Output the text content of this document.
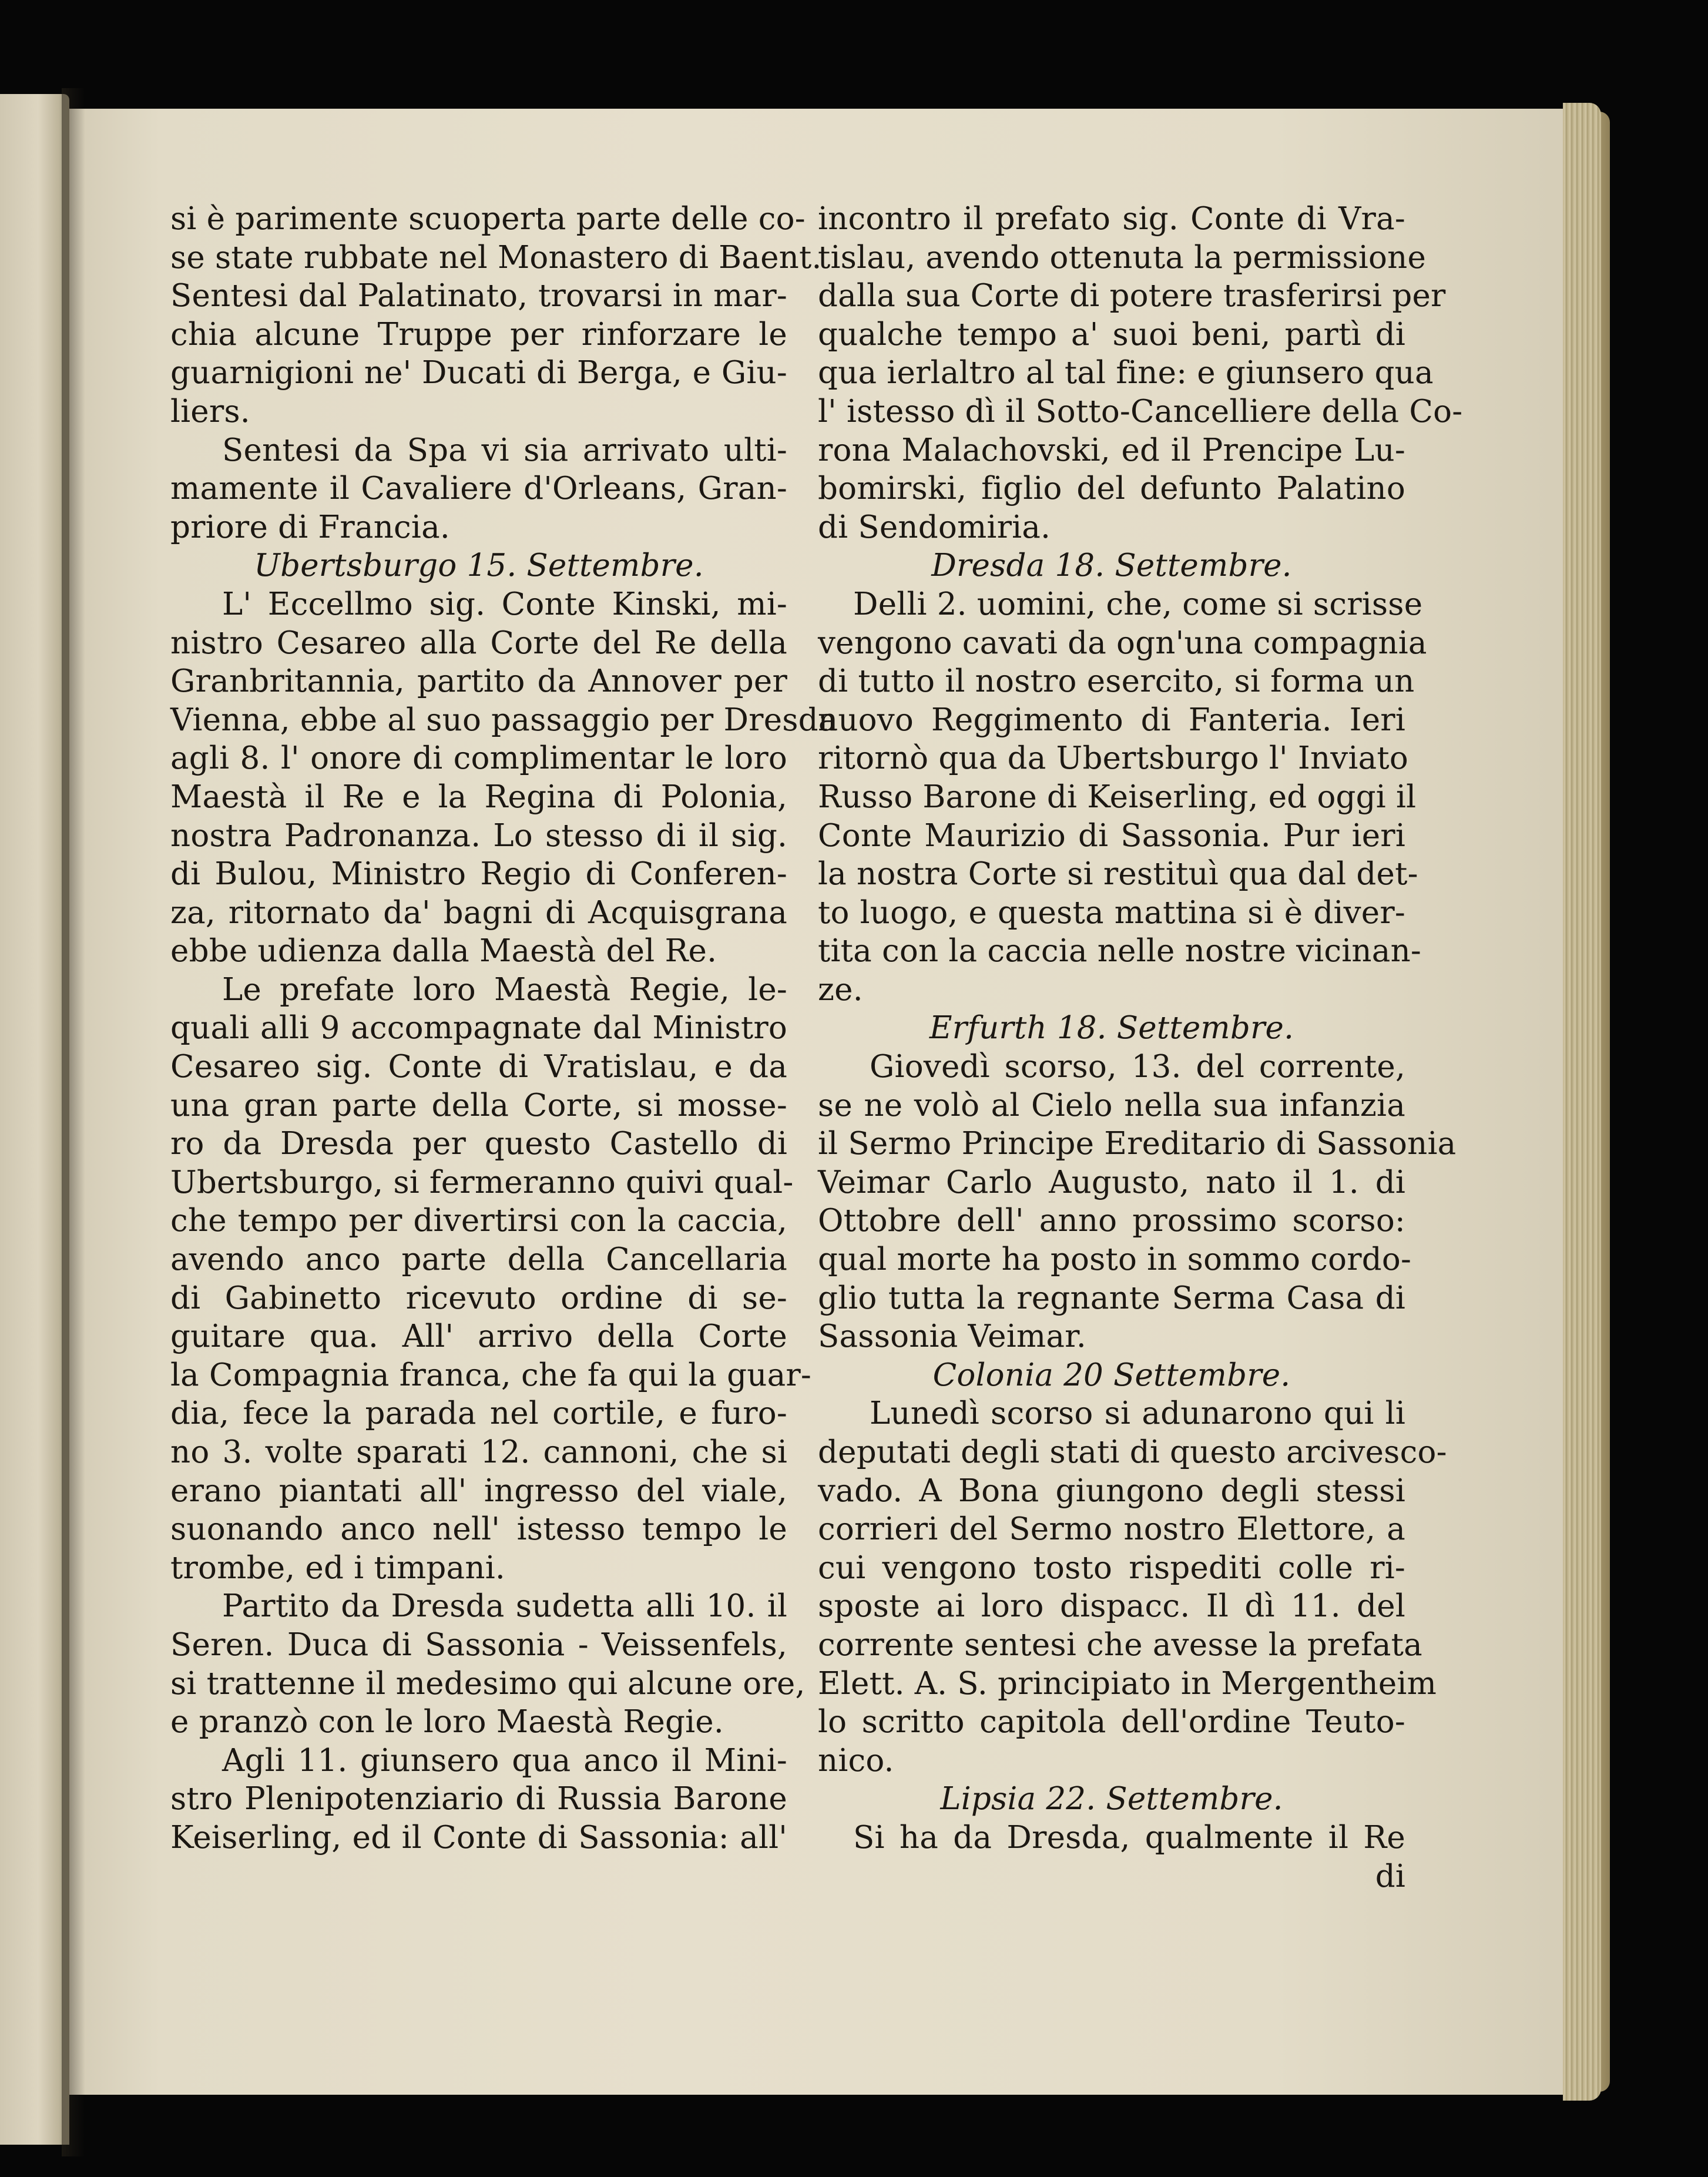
si è parimente scuoperta parte delle co-
se state rubbate nel Monastero di Baent.
Sentesi dal Palatinato, trovarsi in mar-
chia alcune Truppe per rinforzare le
guarnigioni ne' Ducati di Berga, e Giu-
liers.
Sentesi da Spa vi sia arrivato ulti-
mamente il Cavaliere d'Orleans, Gran-
priore di Francia.
Ubertsburgo 15. Settembre.
L' Eccellmo sig. Conte Kinski, mi-
nistro Cesareo alla Corte del Re della
Granbritannia, partito da Annover per
Vienna, ebbe al suo passaggio per Dresda
agli 8. l' onore di complimentar le loro
Maestà il Re e la Regina di Polonia,
nostra Padronanza. Lo stesso di il sig.
di Bulou, Ministro Regio di Conferen-
za, ritornato da' bagni di Acquisgrana
ebbe udienza dalla Maestà del Re.
Le prefate loro Maestà Regie, le-
quali alli 9 accompagnate dal Ministro
Cesareo sig. Conte di Vratislau, e da
una gran parte della Corte, si mosse-
ro da Dresda per questo Castello di
Ubertsburgo, si fermeranno quivi qual-
che tempo per divertirsi con la caccia,
avendo anco parte della Cancellaria
di Gabinetto ricevuto ordine di se-
guitare qua. All' arrivo della Corte
la Compagnia franca, che fa qui la guar-
dia, fece la parada nel cortile, e furo-
no 3. volte sparati 12. cannoni, che si
erano piantati all' ingresso del viale,
suonando anco nell' istesso tempo le
trombe, ed i timpani.
Partito da Dresda sudetta alli 10. il
Seren. Duca di Sassonia - Veissenfels,
si trattenne il medesimo qui alcune ore,
e pranzò con le loro Maestà Regie.
Agli 11. giunsero qua anco il Mini-
stro Plenipotenziario di Russia Barone
Keiserling, ed il Conte di Sassonia: all'
incontro il prefato sig. Conte di Vra-
tislau, avendo ottenuta la permissione
dalla sua Corte di potere trasferirsi per
qualche tempo a' suoi beni, partì di
qua ierlaltro al tal fine: e giunsero qua
l' istesso dì il Sotto-Cancelliere della Co-
rona Malachovski, ed il Prencipe Lu-
bomirski, figlio del defunto Palatino
di Sendomiria.
Dresda 18. Settembre.
Delli 2. uomini, che, come si scrisse
vengono cavati da ogn'una compagnia
di tutto il nostro esercito, si forma un
nuovo Reggimento di Fanteria. Ieri
ritornò qua da Ubertsburgo l' Inviato
Russo Barone di Keiserling, ed oggi il
Conte Maurizio di Sassonia. Pur ieri
la nostra Corte si restituì qua dal det-
to luogo, e questa mattina si è diver-
tita con la caccia nelle nostre vicinan-
ze.
Erfurth 18. Settembre.
Giovedì scorso, 13. del corrente,
se ne volò al Cielo nella sua infanzia
il Sermo Principe Ereditario di Sassonia
Veimar Carlo Augusto, nato il 1. di
Ottobre dell' anno prossimo scorso:
qual morte ha posto in sommo cordo-
glio tutta la regnante Serma Casa di
Sassonia Veimar.
Colonia 20 Settembre.
Lunedì scorso si adunarono qui li
deputati degli stati di questo arcivesco-
vado. A Bona giungono degli stessi
corrieri del Sermo nostro Elettore, a
cui vengono tosto rispediti colle ri-
sposte ai loro dispacc. Il dì 11. del
corrente sentesi che avesse la prefata
Elett. A. S. principiato in Mergentheim
lo scritto capitola dell'ordine Teuto-
nico.
Lipsia 22. Settembre.
Si ha da Dresda, qualmente il Re
di
